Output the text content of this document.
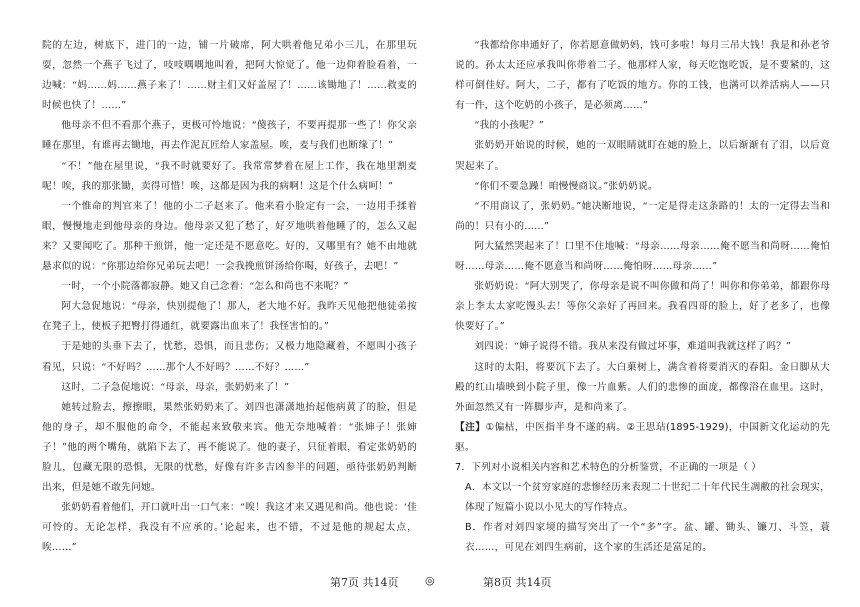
院的左边，树底下，进门的一边，铺一片破席，阿大哄着他兄弟小三儿，在那里玩耍，忽然一个燕子飞过了，吱吱喁喁地叫着，把阿大惊觉了。他一边仰着脸看着，一边喊：“妈……妈……燕子来了！……财主们又好盖屋了！……该锄地了！……救麦的时候也快了！……”

他母亲不但不看那个燕子，更极可怜地说：“傻孩子，不要再提那一些了！你父亲睡在那里，有谁再去锄地，再去作泥瓦匠给人家盖屋。唉，麦与我们也断缘了！”

“不！”他在屋里说，“我不时就要好了。我常常梦着在屋上工作，我在地里割麦呢！唉，我的那张锄，卖得可惜！唉，这都是因为我的病啊！这是个什么病呵！”

一个惟命的判官来了！他的小二子赵来了。他来看小脸定有一会，一边用手揉着眼，慢慢地走到他母亲的身边。他母亲又犯了愁了，好歹地哄着他睡了的，怎么又起来？又要闻吃了。那种干煎饼，他一定还是不愿意吃。好的，又哪里有？她不由地就悬求似的说：“你那边给你兄弟玩去吧！一会我挽煎饼汤给你喝，好孩子，去吧！”

一时，一个小院落都寂静。她又自己念着：“怎么和尚也不来呢？”

阿大急促地说：“母亲，快别提他了！那人，老大地不好。我昨天见他把他徒弟按在凳子上，使板子把臀打得通红，就要露出血来了！我怪害怕的。”

于是她的头垂下去了，忧愁，恐惧，而且悲伤；又极力地隐藏着，不愿叫小孩子看见，只说：“不好吗？……那个人不好吗？……不好？……”

这时，二子急促地说：“母亲，母亲，张奶奶来了！”

她转过脸去，擦擦眼，果然张奶奶来了。刘四也潇潇地抬起他病黄了的脸，但是他的身子，却不服他的命令，不能起来致敬来宾。他无奈地喊着：“张婶子！张婶子！”他的两个嘴角，就陷下去了，再不能说了。他的妻子，只征着眼，看定张奶奶的脸儿，包藏无限的恐惧，无限的忧愁，好像有许多吉凶参半的问题，亟待张奶奶判断出来，但是她不敢先问她。

张奶奶看着他们，开口就叶出一口气来：“唉！我这才来又遇见和尚。他也说：‘佳可怜的。无论怎样，我没有不应承的。’论起来，也不错，不过是他的规起太点，唉……”

“我都给你串通好了，你若愿意做奶妈，钱可多啦！每月三吊大钱！我是和孙老爷说的。孙太太还应承我叫你带着二子。他那样人家，每天吃饱吃饭，是不要紧的，这样可倒佳好。阿大，二子，都有了吃饭的地方。你的工钱，也满可以养活病人——只有一件，这个吃奶的小孩子，是必须离……”

“我的小孩呢？”

张奶奶开始说的时候，她的一双眼睛就盯在她的脸上，以后渐渐有了泪，以后竟哭起来了。

“你们不要急躁！咱慢慢商议。”张奶奶说。

“不用商议了，张奶奶。”她决断地说，“一定是得走这条路的！太的一定得去当和尚的！只有小的……”

阿大猛然哭起来了！口里不住地喊：“母亲……母亲……俺不愿当和尚呀……俺怕呀……母亲……俺不愿意当和尚呀……俺怕呀……母亲……”

张奶奶说：“阿大别哭了，你母亲是说不叫你做和尚了！叫你和你弟弟，都跟你母亲上李太太家吃馒头去！等你父亲好了再回来。我看四哥的脸上，好了老多了，也像快要好了。”

刘四说：“婶子说得不错。我从来没有做过坏事，难道叫我就这样了吗？”

这时的太阳，将要沉下去了。大白菓树上，满含着将要消灭的春阳。金日脚从大殿的红山墙映到小院子里，像一片血紫。人们的悲惨的面庞，都像浴在血里。这时，外面忽然又有一阵脚步声，是和尚来了。

【注】①偏枯，中医指半身不遂的病。②王思玷(1895-1929)，中国新文化运动的先驱。

7．下列对小说相关内容和艺术特色的分析鉴赏，不正确的一项是（ ）

A．本文以一个贫穷家庭的悲惨经历来表现二十世纪二十年代民生凋敝的社会现实，体现了短篇小说以小见大的写作特点。

B．作者对刘四家境的描写突出了一个“多”字。盆、罐、锄头、镰刀、斗笠，蓑衣……，可见在刘四生病前，这个家的生活还是富足的。

第7页 共14页 ◎	第8页 共14页
